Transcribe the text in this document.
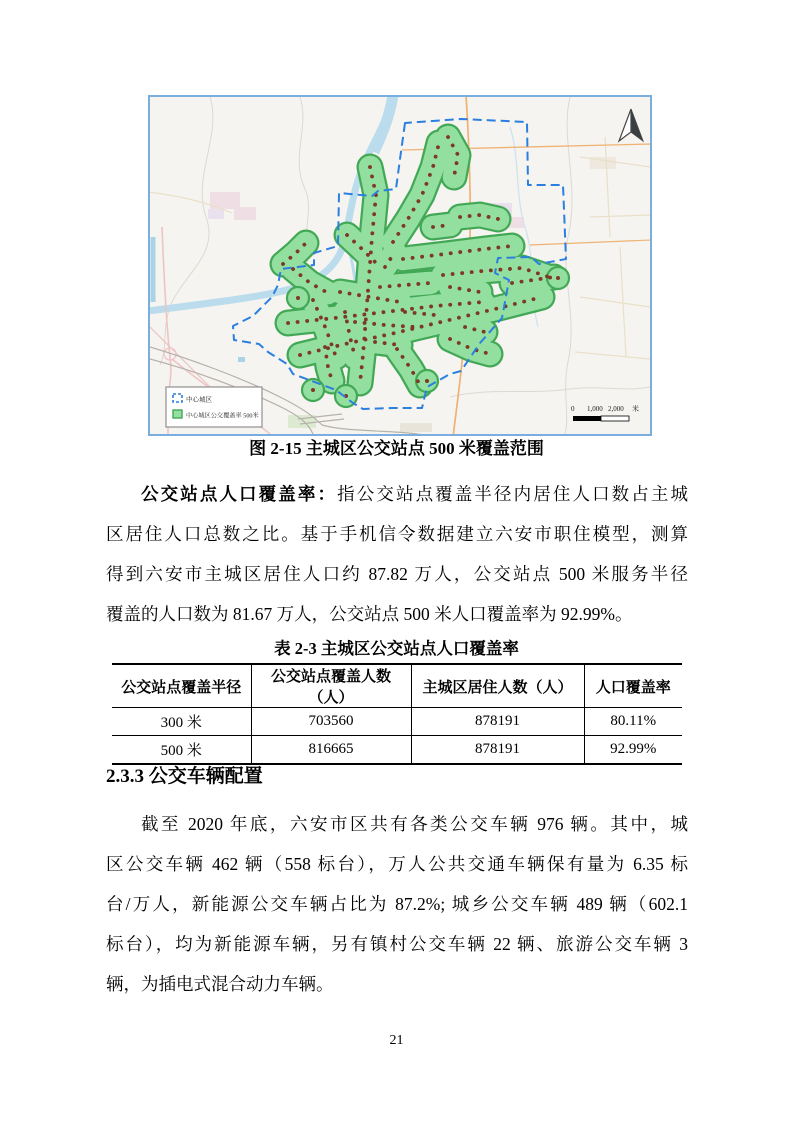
中心城区
中心城区公交覆盖率 500米
0 1,000 2,000 米
图 2-15 主城区公交站点 500 米覆盖范围
公交站点人口覆盖率：指公交站点覆盖半径内居住人口数占主城
区居住人口总数之比。基于手机信令数据建立六安市职住模型，测算
得到六安市主城区居住人口约 87.82 万人，公交站点 500 米服务半径
覆盖的人口数为 81.67 万人，公交站点 500 米人口覆盖率为 92.99%。
表 2-3 主城区公交站点人口覆盖率
公交站点覆盖半径	公交站点覆盖人数（人）	主城区居住人数（人）	人口覆盖率
300 米	703560	878191	80.11%
500 米	816665	878191	92.99%
2.3.3 公交车辆配置
截至 2020 年底，六安市区共有各类公交车辆 976 辆。其中，城
区公交车辆 462 辆（558 标台），万人公共交通车辆保有量为 6.35 标
台/万人，新能源公交车辆占比为 87.2%; 城乡公交车辆 489 辆（602.1
标台），均为新能源车辆，另有镇村公交车辆 22 辆、旅游公交车辆 3
辆，为插电式混合动力车辆。
21
